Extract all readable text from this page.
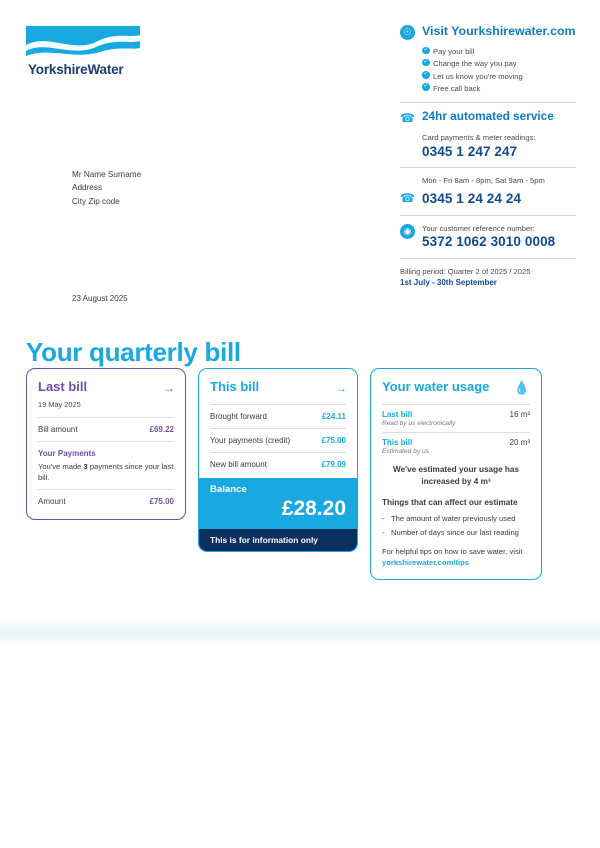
YorkshireWater
☉ Visit Yourkshirewater.com
✓ Pay your bill
✓ Change the way you pay
✓ Let us know you're moving
✓ Free call back
☎ 24hr automated service
Card payments & meter readings:
0345 1 247 247
Mon - Fri 8am - 8pm, Sat 9am - 5pm
☎ 0345 1 24 24 24
◉	Your customer reference number:
5372 1062 3010 0008
Billing period: Quarter 2 of 2025 / 2025
1st July - 30th September
Mr Name Surname
Address
City Zip code
23 August 2025
Your quarterly bill
→
Last bill
19 May 2025
Bill amount	£69.22
Your Payments
You've made 3 payments since your last bill.
Amount	£75.00
→
This bill
Brought forward	£24.11
Your payments (credit)	£75.00
New bill amount	£79.09
Balance
£28.20
This is for information only
💧
Your water usage
Last bill	16 m³
Read by us electronically
This bill	20 m³
Estimated by us
We've estimated your usage has increased by 4 m³
Things that can affect our estimate
- The amount of water previously used
- Number of days since our last reading
For helpful tips on how to save water, visit yorkshirewater.com/tips
